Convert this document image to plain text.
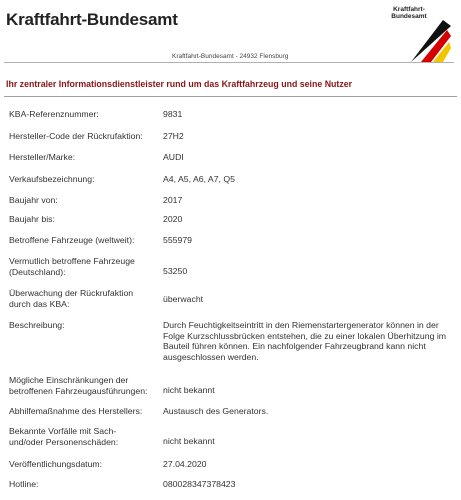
Kraftfahrt-Bundesamt
Kraftfahrt-Bundesamt - 24932 Flensburg
Kraftfahrt-
Bundesamt
Ihr zentraler Informationsdienstleister rund um das Kraftfahrzeug und seine Nutzer
KBA-Referenznummer:	9831
Hersteller-Code der Rückrufaktion:	27H2
Hersteller/Marke:	AUDI
Verkaufsbezeichnung:	A4, A5, A6, A7, Q5
Baujahr von:	2017
Baujahr bis:	2020
Betroffene Fahrzeuge (weltweit):	555979
Vermutlich betroffene Fahrzeuge (Deutschland):	53250
Überwachung der Rückrufaktion durch das KBA:	überwacht
Beschreibung:	Durch Feuchtigkeitseintritt in den Riemenstartergenerator können in der Folge Kurzschlussbrücken entstehen, die zu einer lokalen Überhitzung im Bauteil führen können. Ein nachfolgender Fahrzeugbrand kann nicht ausgeschlossen werden.
Mögliche Einschränkungen der betroffenen Fahrzeugausführungen:	nicht bekannt
Abhilfemaßnahme des Herstellers:	Austausch des Generators.
Bekannte Vorfälle mit Sach- und/oder Personenschäden:	nicht bekannt
Veröffentlichungsdatum:	27.04.2020
Hotline:	080028347378423
